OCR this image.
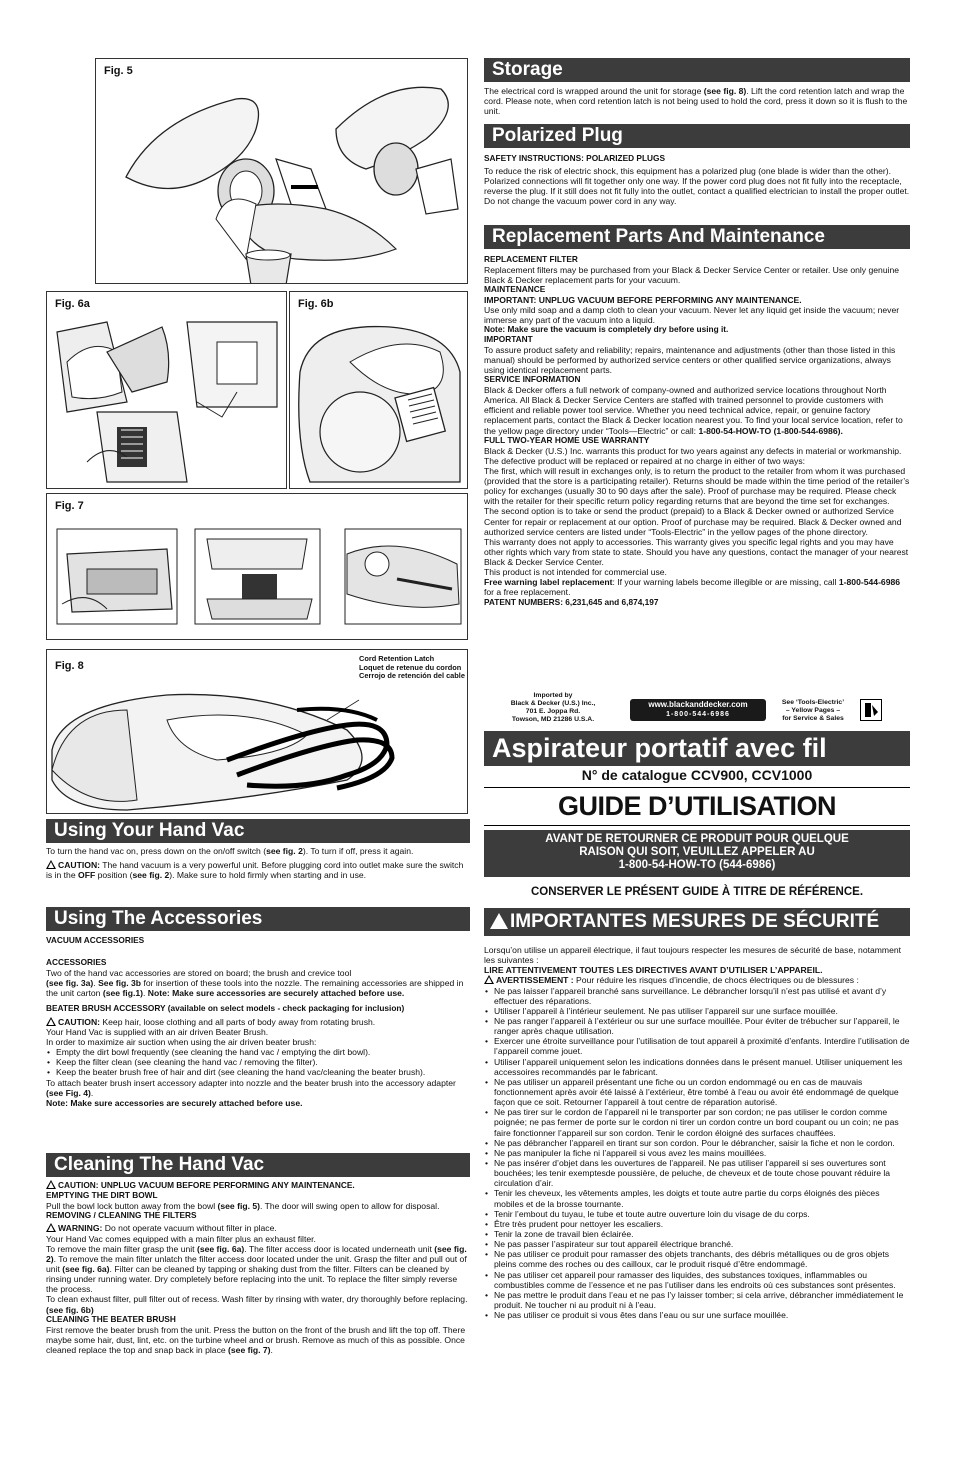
Fig. 5
Fig. 6a	Fig. 6b
Fig. 7
Fig. 8
Cord Retention Latch
Loquet de retenue du cordon
Cerrojo de retención del cable
Using Your Hand Vac

To turn the hand vac on, press down on the on/off switch (see fig. 2). To turn if off, press it again.

CAUTION: The hand vacuum is a very powerful unit. Before plugging cord into outlet make sure the switch is in the OFF position (see fig. 2). Make sure to hold firmly when starting and in use.

Using The Accessories

VACUUM ACCESSORIES

ACCESSORIES

Two of the hand vac accessories are stored on board; the brush and crevice tool

(see fig. 3a). See fig. 3b for insertion of these tools into the nozzle. The remaining accessories are shipped in the unit carton (see fig.1). Note: Make sure accessories are securely attached before use.

BEATER BRUSH ACCESSORY (available on select models - check packaging for inclusion)

CAUTION: Keep hair, loose clothing and all parts of body away from rotating brush.

Your Hand Vac is supplied with an air driven Beater Brush.

In order to maximize air suction when using the air driven beater brush:

• Empty the dirt bowl frequently (see cleaning the hand vac / emptying the dirt bowl).
• Keep the filter clean (see cleaning the hand vac / removing the filter).
• Keep the beater brush free of hair and dirt (see cleaning the hand vac/cleaning the beater brush).

To attach beater brush insert accessory adapter into nozzle and the beater brush into the accessory adapter (see Fig. 4).

Note: Make sure accessories are securely attached before use.

Cleaning The Hand Vac

CAUTION: UNPLUG VACUUM BEFORE PERFORMING ANY MAINTENANCE.

EMPTYING THE DIRT BOWL

Pull the bowl lock button away from the bowl (see fig. 5). The door will swing open to allow for disposal.

REMOVING / CLEANING THE FILTERS

WARNING: Do not operate vacuum without filter in place.

Your Hand Vac comes equipped with a main filter plus an exhaust filter.

To remove the main filter grasp the unit (see fig. 6a). The filter access door is located underneath unit (see fig. 2). To remove the main filter unlatch the filter access door located under the unit. Grasp the filter and pull out of unit (see fig. 6a). Filter can be cleaned by tapping or shaking dust from the filter. Filters can be cleaned by rinsing under running water. Dry completely before replacing into the unit. To replace the filter simply reverse the process.

To clean exhaust filter, pull filter out of recess. Wash filter by rinsing with water, dry thoroughly before replacing. (see fig. 6b)

CLEANING THE BEATER BRUSH

First remove the beater brush from the unit. Press the button on the front of the brush and lift the top off. There maybe some hair, dust, lint, etc. on the turbine wheel and or brush. Remove as much of this as possible. Once cleaned replace the top and snap back in place (see fig. 7).

Storage

The electrical cord is wrapped around the unit for storage (see fig. 8). Lift the cord retention latch and wrap the cord. Please note, when cord retention latch is not being used to hold the cord, press it down so it is flush to the unit.

Polarized Plug

SAFETY INSTRUCTIONS: POLARIZED PLUGS

To reduce the risk of electric shock, this equipment has a polarized plug (one blade is wider than the other). Polarized connections will fit together only one way. If the power cord plug does not fit fully into the receptacle, reverse the plug. If it still does not fit fully into the outlet, contact a qualified electrician to install the proper outlet. Do not change the vacuum power cord in any way.

Replacement Parts And Maintenance

REPLACEMENT FILTER

Replacement filters may be purchased from your Black & Decker Service Center or retailer. Use only genuine Black & Decker replacement parts for your vacuum.

MAINTENANCE

IMPORTANT: UNPLUG VACUUM BEFORE PERFORMING ANY MAINTENANCE.

Use only mild soap and a damp cloth to clean your vacuum. Never let any liquid get inside the vacuum; never immerse any part of the vacuum into a liquid.

Note: Make sure the vacuum is completely dry before using it.

IMPORTANT

To assure product safety and reliability; repairs, maintenance and adjustments (other than those listed in this manual) should be performed by authorized service centers or other qualified service organizations, always using identical replacement parts.

SERVICE INFORMATION

Black & Decker offers a full network of company-owned and authorized service locations throughout North America. All Black & Decker Service Centers are staffed with trained personnel to provide customers with efficient and reliable power tool service. Whether you need technical advice, repair, or genuine factory replacement parts, contact the Black & Decker location nearest you. To find your local service location, refer to the yellow page directory under “Tools—Electric” or call: 1-800-54-HOW-TO (1-800-544-6986).

FULL TWO-YEAR HOME USE WARRANTY

Black & Decker (U.S.) Inc. warrants this product for two years against any defects in material or workmanship. The defective product will be replaced or repaired at no charge in either of two ways:

The first, which will result in exchanges only, is to return the product to the retailer from whom it was purchased (provided that the store is a participating retailer). Returns should be made within the time period of the retailer’s policy for exchanges (usually 30 to 90 days after the sale). Proof of purchase may be required. Please check with the retailer for their specific return policy regarding returns that are beyond the time set for exchanges.

The second option is to take or send the product (prepaid) to a Black & Decker owned or authorized Service Center for repair or replacement at our option. Proof of purchase may be required. Black & Decker owned and authorized service centers are listed under “Tools-Electric” in the yellow pages of the phone directory.

This warranty does not apply to accessories. This warranty gives you specific legal rights and you may have other rights which vary from state to state. Should you have any questions, contact the manager of your nearest Black & Decker Service Center.

This product is not intended for commercial use.

Free warning label replacement: If your warning labels become illegible or are missing, call 1-800-544-6986 for a free replacement.

PATENT NUMBERS: 6,231,645 and 6,874,197

Imported by
Black & Decker (U.S.) Inc.,
701 E. Joppa Rd.
Towson, MD 21286 U.S.A.
www.blackanddecker.com
1-800-544-6986
See ‘Tools-Electric’
– Yellow Pages –
for Service & Sales
Aspirateur portatif avec fil
N° de catalogue CCV900, CCV1000
GUIDE D’UTILISATION
AVANT DE RETOURNER CE PRODUIT POUR QUELQUE
RAISON QUI SOIT, VEUILLEZ APPELER AU
1-800-54-HOW-TO (544-6986)
CONSERVER LE PRÉSENT GUIDE À TITRE DE RÉFÉRENCE.
IMPORTANTES MESURES DE SÉCURITÉ

Lorsqu’on utilise un appareil électrique, il faut toujours respecter les mesures de sécurité de base, notamment les suivantes :

LIRE ATTENTIVEMENT TOUTES LES DIRECTIVES AVANT D’UTILISER L’APPAREIL.

AVERTISSEMENT : Pour réduire les risques d’incendie, de chocs électriques ou de blessures :

• Ne pas laisser l’appareil branché sans surveillance. Le débrancher lorsqu’il n’est pas utilisé et avant d’y effectuer des réparations.
• Utiliser l’appareil à l’intérieur seulement. Ne pas utiliser l’appareil sur une surface mouillée.
• Ne pas ranger l’appareil à l’extérieur ou sur une surface mouillée. Pour éviter de trébucher sur l’appareil, le ranger après chaque utilisation.
• Exercer une étroite surveillance pour l’utilisation de tout appareil à proximité d’enfants. Interdire l’utilisation de l’appareil comme jouet.
• Utiliser l’appareil uniquement selon les indications données dans le présent manuel. Utiliser uniquement les accessoires recommandés par le fabricant.
• Ne pas utiliser un appareil présentant une fiche ou un cordon endommagé ou en cas de mauvais fonctionnement après avoir été laissé à l’extérieur, être tombé à l’eau ou avoir été endommagé de quelque façon que ce soit. Retourner l’appareil à tout centre de réparation autorisé.
• Ne pas tirer sur le cordon de l’appareil ni le transporter par son cordon; ne pas utiliser le cordon comme poignée; ne pas fermer de porte sur le cordon ni tirer un cordon contre un bord coupant ou un coin; ne pas faire fonctionner l’appareil sur son cordon. Tenir le cordon éloigné des surfaces chauffées.
• Ne pas débrancher l’appareil en tirant sur son cordon. Pour le débrancher, saisir la fiche et non le cordon.
• Ne pas manipuler la fiche ni l’appareil si vous avez les mains mouillées.
• Ne pas insérer d’objet dans les ouvertures de l’appareil. Ne pas utiliser l’appareil si ses ouvertures sont bouchées; les tenir exemptesde poussière, de peluche, de cheveux et de toute chose pouvant réduire la circulation d’air.
• Tenir les cheveux, les vêtements amples, les doigts et toute autre partie du corps éloignés des pièces mobiles et de la brosse tournante.
• Tenir l’embout du tuyau, le tube et toute autre ouverture loin du visage de du corps.
• Être très prudent pour nettoyer les escaliers.
• Tenir la zone de travail bien éclairée.
• Ne pas passer l’aspirateur sur tout appareil électrique branché.
• Ne pas utiliser ce produit pour ramasser des objets tranchants, des débris métalliques ou de gros objets pleins comme des roches ou des cailloux, car le produit risqué d’être endommagé.
• Ne pas utiliser cet appareil pour ramasser des liquides, des substances toxiques, inflammables ou combustibles comme de l’essence et ne pas l’utiliser dans les endroits où ces substances sont présentes.
• Ne pas mettre le produit dans l’eau et ne pas l’y laisser tomber; si cela arrive, débrancher immédiatement le produit. Ne toucher ni au produit ni à l’eau.
• Ne pas utiliser ce produit si vous êtes dans l’eau ou sur une surface mouillée.
